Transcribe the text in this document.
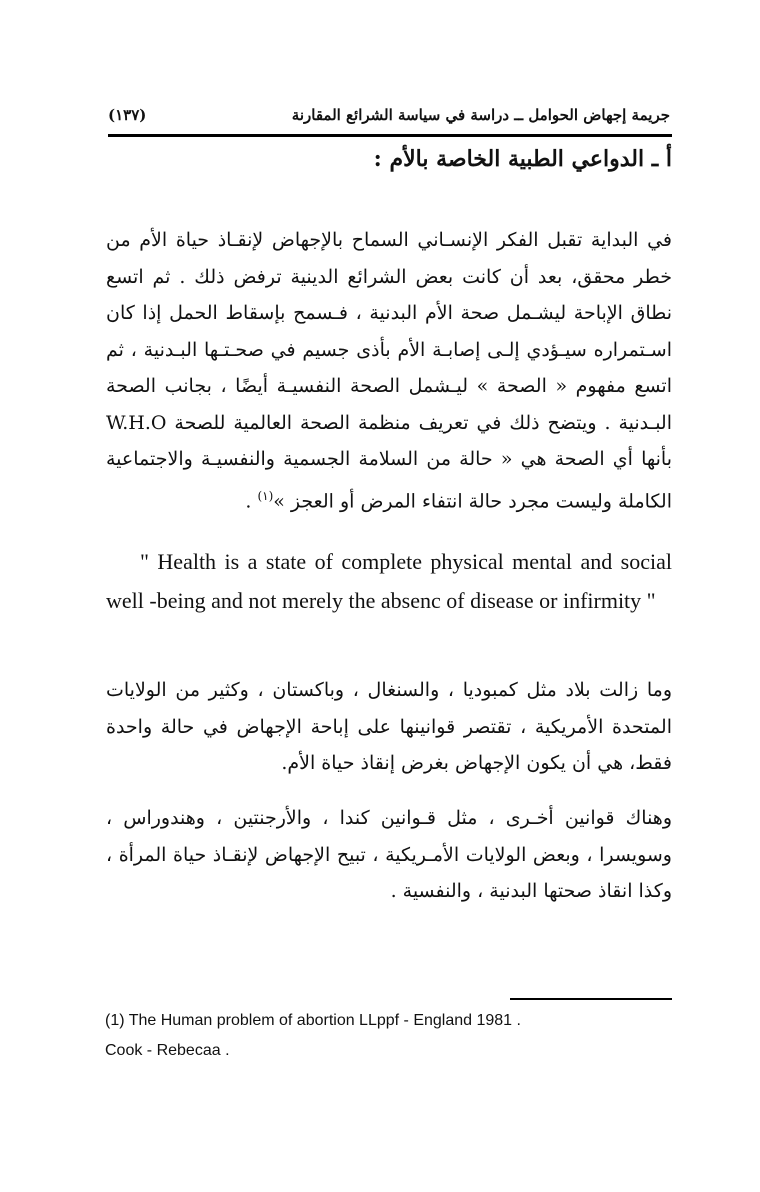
(١٣٧)	جريمة إجهاض الحوامل ــ دراسة في سياسة الشرائع المقارنة
أ ـ الدواعي الطبية الخاصة بالأم :
في البداية تقبل الفكر الإنسـاني السماح بالإجهاض لإنقـاذ حياة الأم من خطر محقق، بعد أن كانت بعض الشرائع الدينية ترفض ذلك . ثم اتسع نطاق الإباحة ليشـمل صحة الأم البدنية ، فـسمح بإسقاط الحمل إذا كان اسـتمراره سيـؤدي إلـى إصابـة الأم بأذى جسيم في صحـتـها البـدنية ، ثم اتسع مفهوم « الصحة » ليـشمل الصحة النفسيـة أيضًا ، بجانب الصحة البـدنية . ويتضح ذلك في تعريف منظمة الصحة العالمية للصحة W.H.O بأنها أي الصحة هي « حالة من السلامة الجسمية والنفسيـة والاجتماعية الكاملة وليست مجرد حالة انتفاء المرض أو العجز »$^{(١)}$ .
" Health is a state of complete physical mental and social well -being and not merely the absenc of disease or infirmity "
وما زالت بلاد مثل كمبوديا ، والسنغال ، وباكستان ، وكثير من الولايات المتحدة الأمريكية ، تقتصر قوانينها على إباحة الإجهاض في حالة واحدة فقط، هي أن يكون الإجهاض بغرض إنقاذ حياة الأم.
وهناك قوانين أخـرى ، مثل قـوانين كندا ، والأرجنتين ، وهندوراس ، وسويسرا ، وبعض الولايات الأمـريكية ، تبيح الإجهاض لإنقـاذ حياة المرأة ، وكذا انقاذ صحتها البدنية ، والنفسية .
(1) The Human problem of abortion LLppf - England 1981 .
Cook - Rebecaa .
